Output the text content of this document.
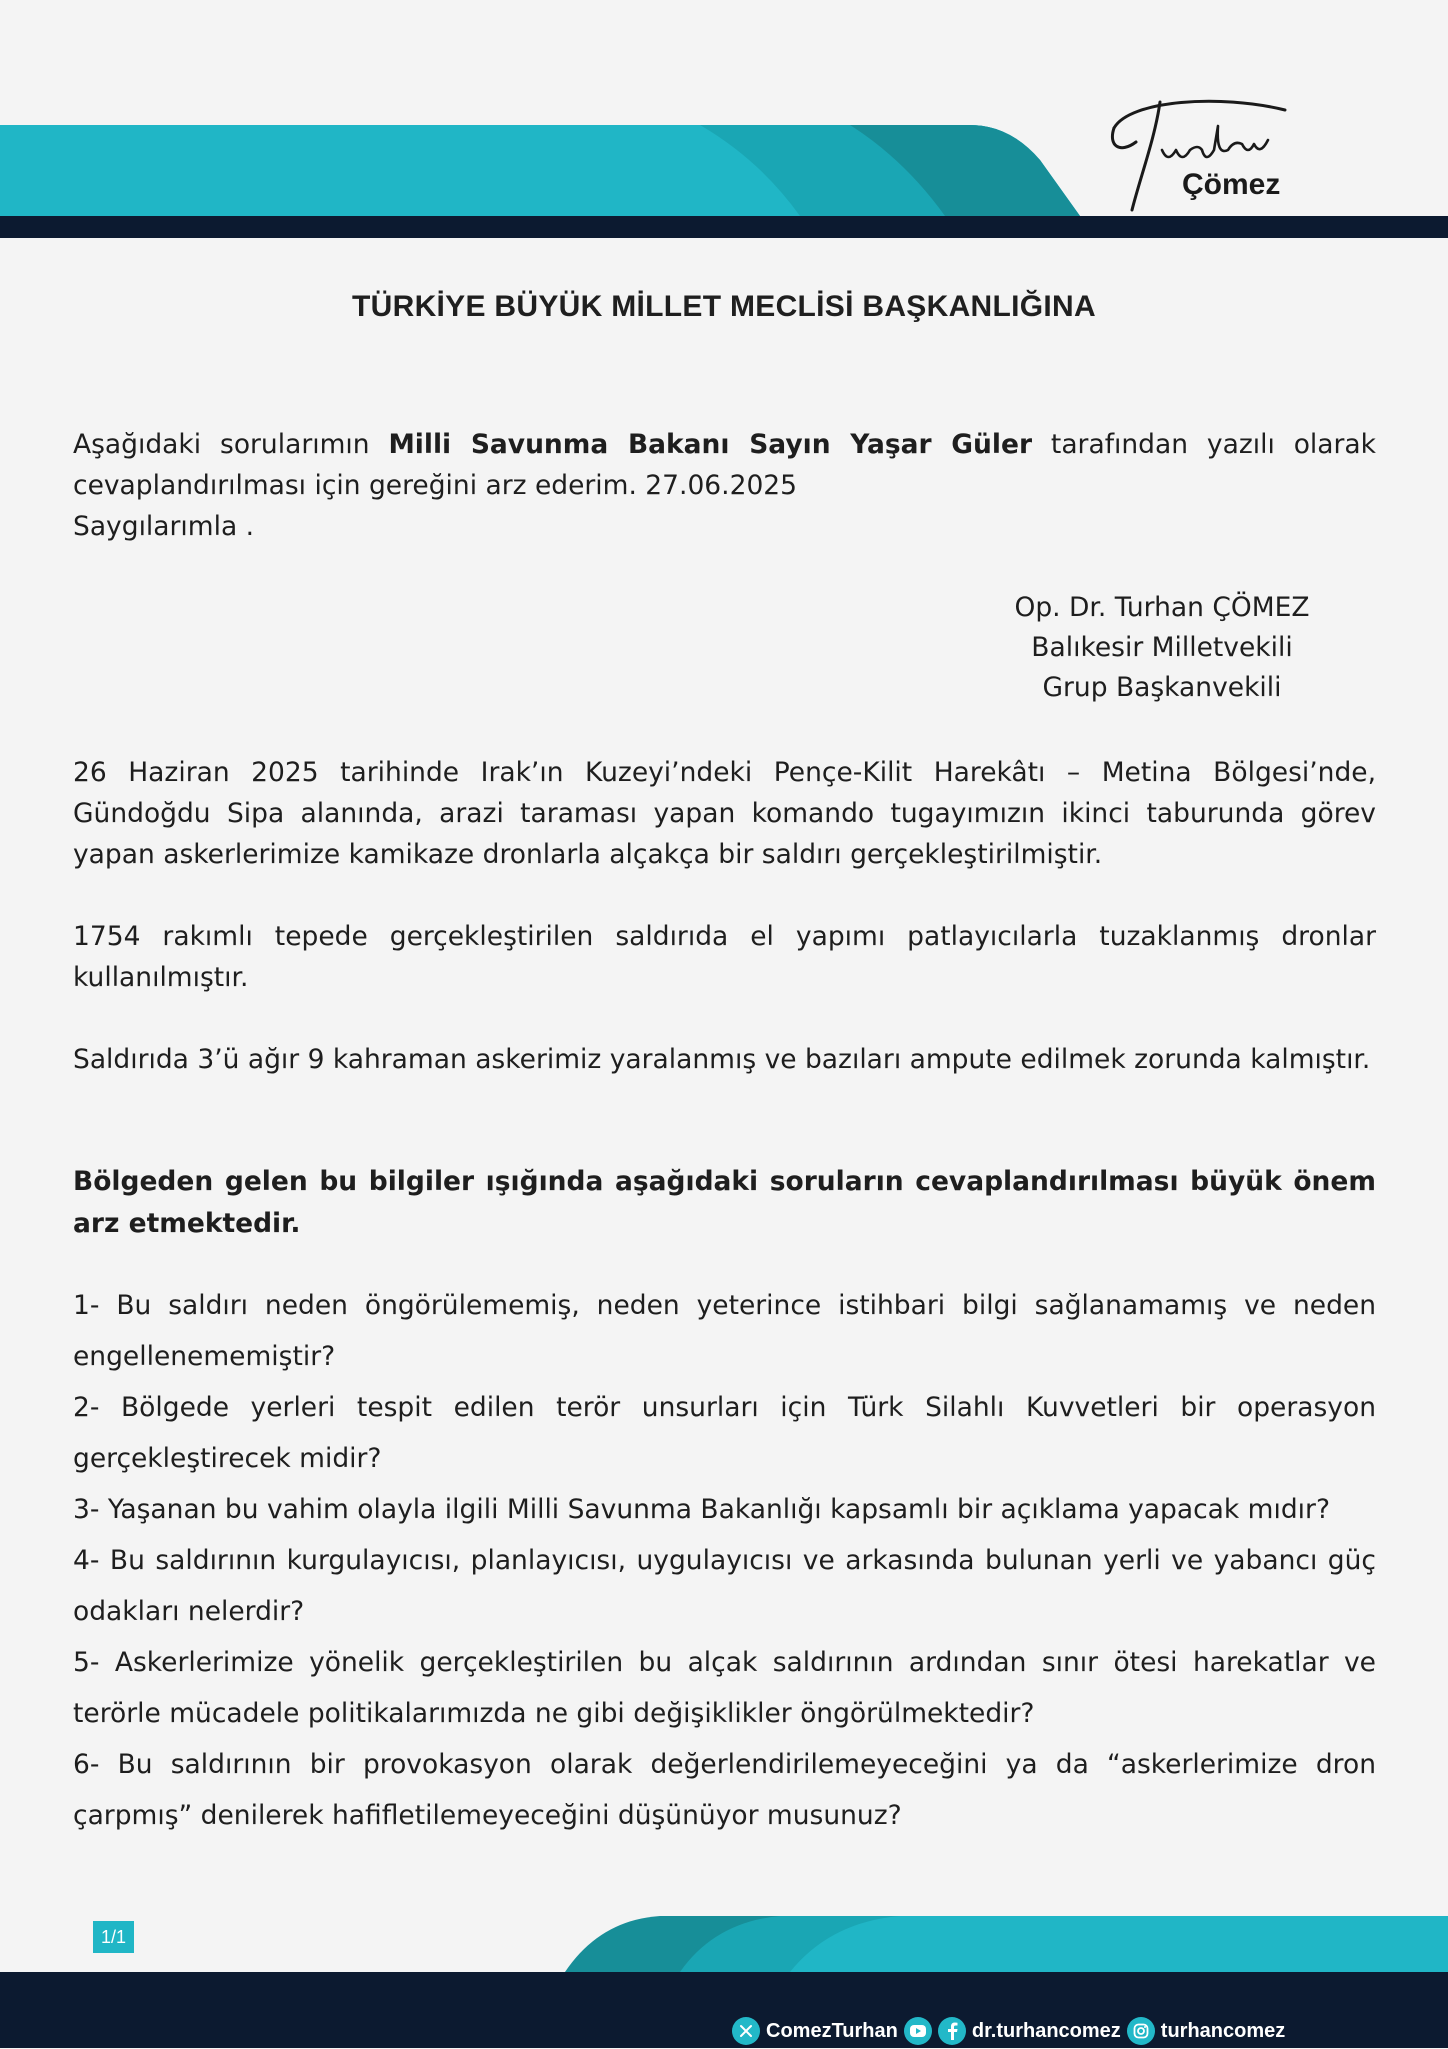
Çömez
TÜRKİYE BÜYÜK MİLLET MECLİSİ BAŞKANLIĞINA

Aşağıdaki sorularımın Milli Savunma Bakanı Sayın Yaşar Güler tarafından yazılı olarak cevaplandırılması için gereğini arz ederim. 27.06.2025

Saygılarımla .

Op. Dr. Turhan ÇÖMEZ
Balıkesir Milletvekili
Grup Başkanvekili
26 Haziran 2025 tarihinde Irak’ın Kuzeyi’ndeki Pençe-Kilit Harekâtı – Metina Bölgesi’nde, Gündoğdu Sipa alanında, arazi taraması yapan komando tugayımızın ikinci taburunda görev yapan askerlerimize kamikaze dronlarla alçakça bir saldırı gerçekleştirilmiştir.
1754 rakımlı tepede gerçekleştirilen saldırıda el yapımı patlayıcılarla tuzaklanmış dronlar kullanılmıştır.
Saldırıda 3’ü ağır 9 kahraman askerimiz yaralanmış ve bazıları ampute edilmek zorunda kalmıştır.
Bölgeden gelen bu bilgiler ışığında aşağıdaki soruların cevaplandırılması büyük önem arz etmektedir.

1- Bu saldırı neden öngörülememiş, neden yeterince istihbari bilgi sağlanamamış ve neden engellenememiştir?

2- Bölgede yerleri tespit edilen terör unsurları için Türk Silahlı Kuvvetleri bir operasyon gerçekleştirecek midir?

3- Yaşanan bu vahim olayla ilgili Milli Savunma Bakanlığı kapsamlı bir açıklama yapacak mıdır?

4- Bu saldırının kurgulayıcısı, planlayıcısı, uygulayıcısı ve arkasında bulunan yerli ve yabancı güç odakları nelerdir?

5- Askerlerimize yönelik gerçekleştirilen bu alçak saldırının ardından sınır ötesi harekatlar ve terörle mücadele politikalarımızda ne gibi değişiklikler öngörülmektedir?

6- Bu saldırının bir provokasyon olarak değerlendirilemeyeceğini ya da “askerlerimize dron çarpmış” denilerek hafifletilemeyeceğini düşünüyor musunuz?

1/1
ComezTurhan	dr.turhancomez turhancomez
